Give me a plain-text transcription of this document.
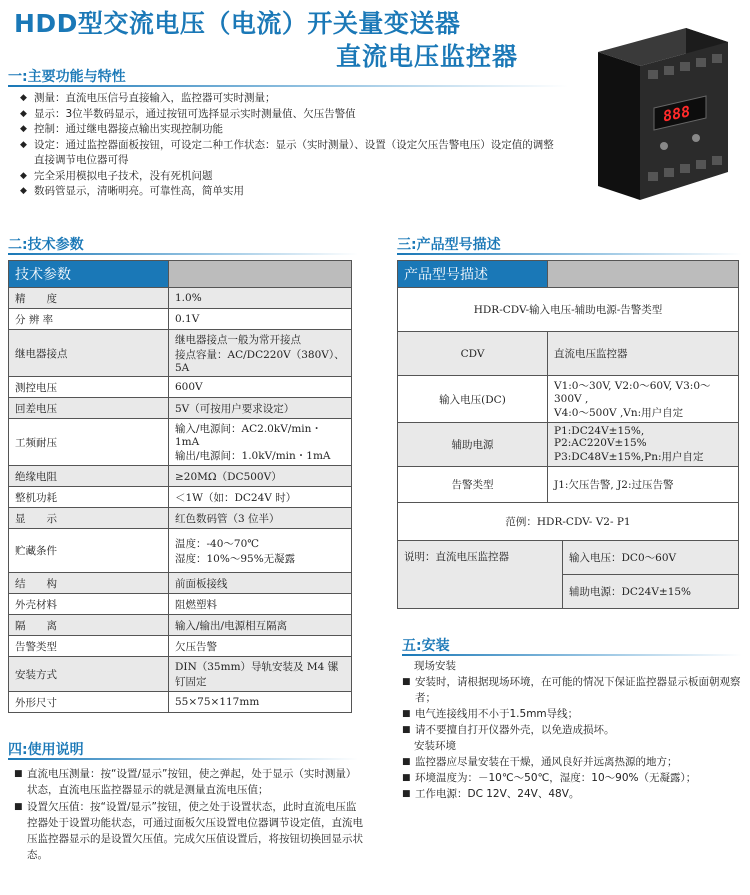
HDD型交流电压（电流）开关量变送器
直流电压监控器
一:主要功能与特性
◆ 测量：直流电压信号直接输入，监控器可实时测量；
◆ 显示：3位半数码显示，通过按钮可选择显示实时测量值、欠压告警值
◆ 控制：通过继电器接点输出实现控制功能
◆ 设定：通过监控器面板按钮，可设定二种工作状态：显示（实时测量）、设置（设定欠压告警电压）设定值的调整直接调节电位器可得
◆ 完全采用模拟电子技术，没有死机问题
◆ 数码管显示，清晰明亮。可靠性高，简单实用
888
二:技术参数
技术参数	
精　　度	1.0%
分 辨 率	0.1V
继电器接点	继电器接点一般为常开接点
接点容量：AC/DC220V（380V）、5A

测控电压	600V
回差电压	5V（可按用户要求设定）
工频耐压	输入/电源间：AC2.0kV/min・1mA
输出/电源间：1.0kV/min・1mA

绝缘电阻	≥20MΩ（DC500V）
整机功耗	＜1W（如：DC24V 时）
显　　示	红色数码管（3 位半）
贮藏条件	温度：-40～70℃
湿度：10%～95%无凝露

结　　构	前面板接线
外壳材料	阻燃塑料
隔　　离	输入/输出/电源相互隔离
告警类型	欠压告警
安装方式	DIN（35mm）导轨安装及 M4 镙钉固定
外形尺寸	55×75×117mm
三:产品型号描述
产品型号描述		
HDR-CDV-输入电压-辅助电源-告警类型		
CDV	直流电压监控器	
输入电压(DC)	V1:0～30V, V2:0～60V, V3:0～300V ,
V4:0～500V ,Vn:用户自定	

辅助电源	P1:DC24V±15%, P2:AC220V±15%
P3:DC48V±15%,Pn:用户自定	

告警类型	J1:欠压告警, J2:过压告警	
范例：HDR-CDV- V2- P1		
说明：直流电压监控器		输入电压：DC0～60V
		辅助电源：DC24V±15%
五:安装
现场安装
■ 安装时，请根据现场环境，在可能的情况下保证监控器显示板面朝观察者；
■ 电气连接线用不小于1.5mm导线；
■ 请不要擅自打开仪器外壳，以免造成损坏。
安装环境
■ 监控器应尽量安装在干燥，通风良好并远离热源的地方；
■ 环境温度为：－10℃～50℃，湿度：10～90%（无凝露）；
■ 工作电源：DC 12V、24V、48V。
四:使用说明
■ 直流电压测量：按“设置/显示”按钮，使之弹起，处于显示（实时测量）状态，直流电压监控器显示的就是测量直流电压值；
■ 设置欠压值：按“设置/显示”按钮，使之处于设置状态，此时直流电压监控器处于设置功能状态，可通过面板欠压设置电位器调节设定值，直流电压监控器显示的是设置欠压值。完成欠压值设置后，将按钮切换回显示状态。
